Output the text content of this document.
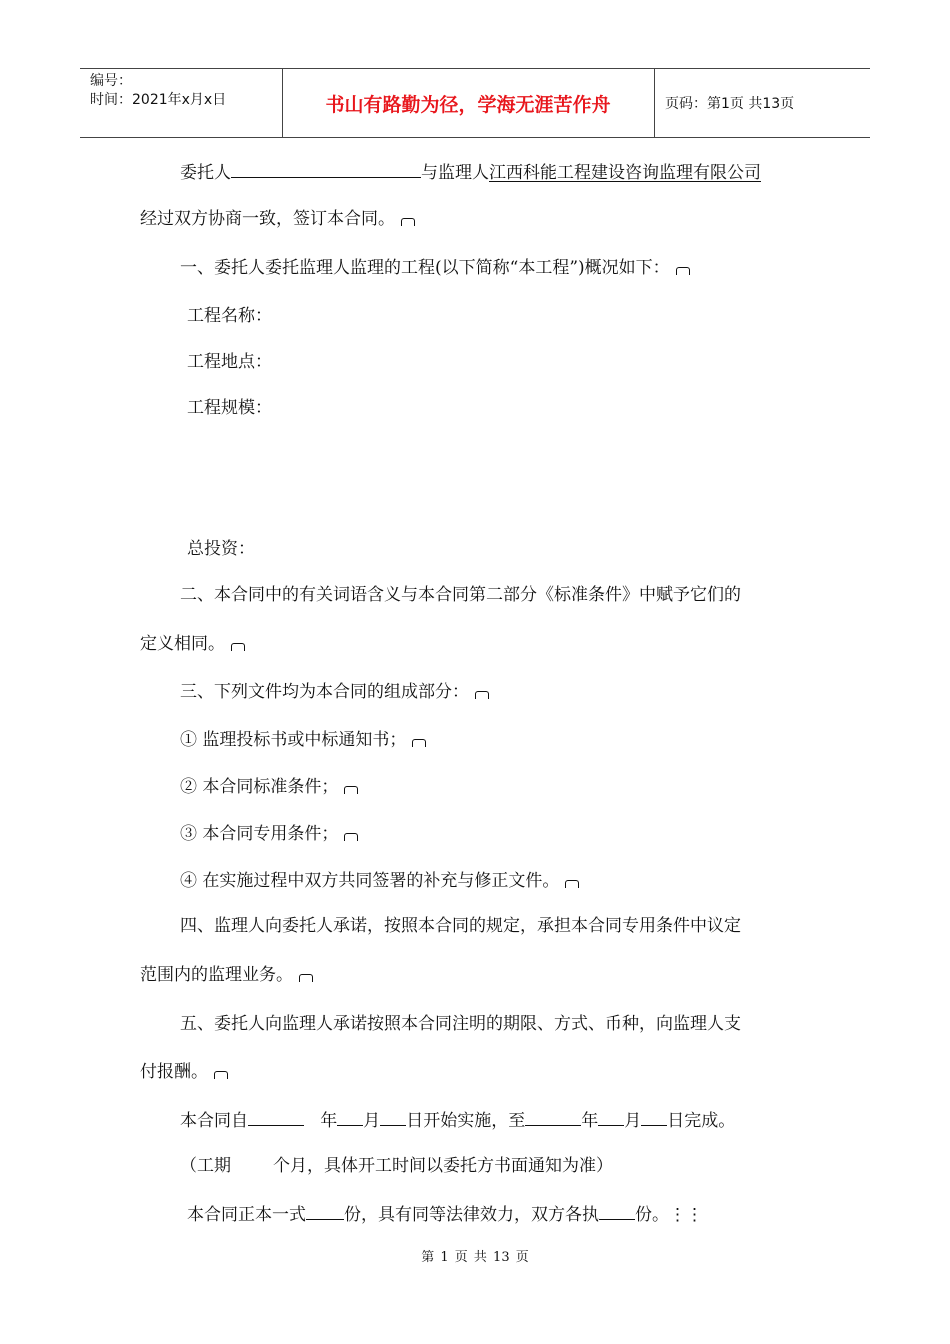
编号：
时间：2021年x月x日	书山有路勤为径，学海无涯苦作舟	页码：第1页 共13页
委托人	与监理人江西科能工程建设咨询监理有限公司
经过双方协商一致，签订本合同。
一、委托人委托监理人监理的工程(以下简称“本工程”)概况如下：
工程名称：
工程地点：
工程规模：
总投资：
二、本合同中的有关词语含义与本合同第二部分《标准条件》中赋予它们的
定义相同。
三、下列文件均为本合同的组成部分：
① 监理投标书或中标通知书；
② 本合同标准条件；
③ 本合同专用条件；
④ 在实施过程中双方共同签署的补充与修正文件。
四、监理人向委托人承诺，按照本合同的规定，承担本合同专用条件中议定
范围内的监理业务。
五、委托人向监理人承诺按照本合同注明的期限、方式、币种，向监理人支
付报酬。
本合同自	年 月 日开始实施，至	年 月 日完成。
（工期 个月，具体开工时间以委托方书面通知为准）
本合同正本一式 份，具有同等法律效力，双方各执 份。⋮⋮
第 1 页 共 13 页
